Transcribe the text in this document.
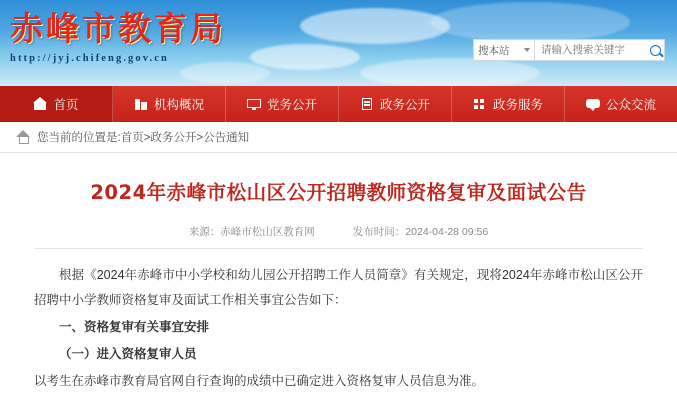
赤峰市教育局
http://jyj.chifeng.gov.cn
搜本站
请输入搜索关键字
首页	机构概况	党务公开	政务公开	政务服务	公众交流
您当前的位置是:首页>政务公开>公告通知
2024年赤峰市松山区公开招聘教师资格复审及面试公告
来源：赤峰市松山区教育网	发布时间：2024-04-28 09:56

根据《2024年赤峰市中小学校和幼儿园公开招聘工作人员简章》有关规定，现将2024年赤峰市松山区公开招聘中小学教师资格复审及面试工作相关事宜公告如下：

一、资格复审有关事宜安排

（一）进入资格复审人员

以考生在赤峰市教育局官网自行查询的成绩中已确定进入资格复审人员信息为准。
